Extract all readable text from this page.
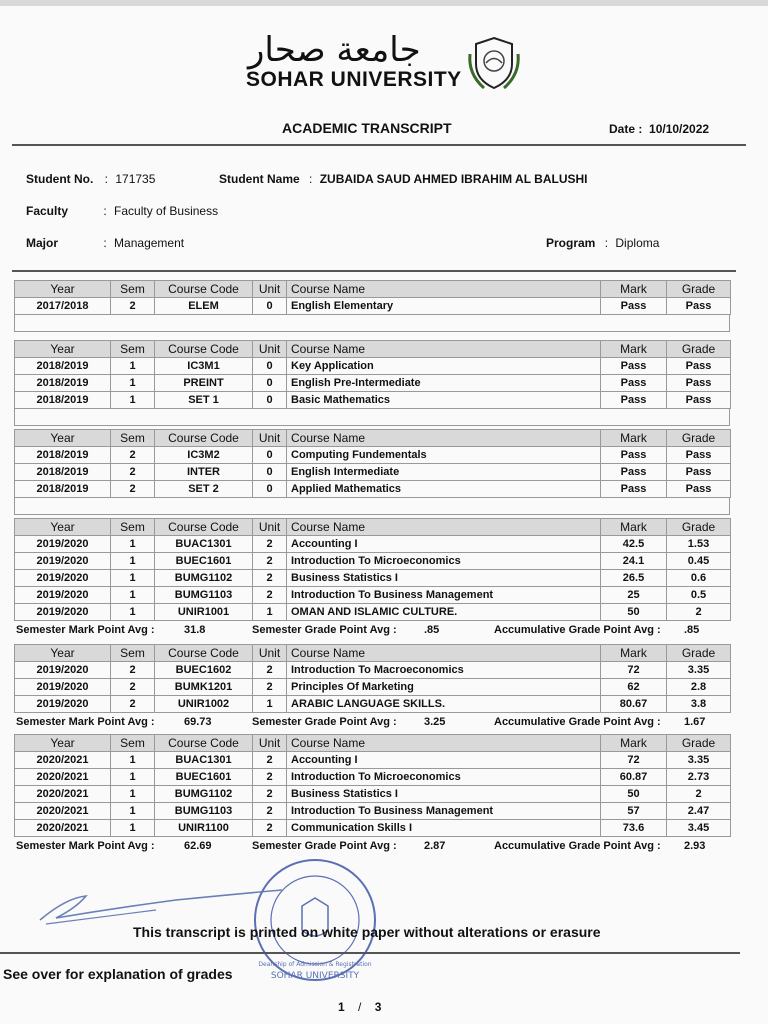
جامعة صحار
SOHAR UNIVERSITY
ACADEMIC TRANSCRIPT	Date : 10/10/2022
Student No. : 171735	Student Name : ZUBAIDA SAUD AHMED IBRAHIM AL BALUSHI
Faculty	: Faculty of Business
Major	: Management	Program : Diploma
Year	Sem	Course Code	Unit	Course Name	Mark	Grade
2017/2018	2	ELEM	0	English Elementary	Pass	Pass
Year	Sem	Course Code	Unit	Course Name	Mark	Grade
2018/2019	1	IC3M1	0	Key Application	Pass	Pass
2018/2019	1	PREINT	0	English Pre-Intermediate	Pass	Pass
2018/2019	1	SET 1	0	Basic Mathematics	Pass	Pass
Year	Sem	Course Code	Unit	Course Name	Mark	Grade
2018/2019	2	IC3M2	0	Computing Fundementals	Pass	Pass
2018/2019	2	INTER	0	English Intermediate	Pass	Pass
2018/2019	2	SET 2	0	Applied Mathematics	Pass	Pass
Year	Sem	Course Code	Unit	Course Name	Mark	Grade
2019/2020	1	BUAC1301	2	Accounting I	42.5	1.53
2019/2020	1	BUEC1601	2	Introduction To Microeconomics	24.1	0.45
2019/2020	1	BUMG1102	2	Business Statistics I	26.5	0.6
2019/2020	1	BUMG1103	2	Introduction To Business Management	25	0.5
2019/2020	1	UNIR1001	1	OMAN AND ISLAMIC CULTURE.	50	2
Semester Mark Point Avg :	31.8	Semester Grade Point Avg : .85	Accumulative Grade Point Avg : .85
Year	Sem	Course Code	Unit	Course Name	Mark	Grade
2019/2020	2	BUEC1602	2	Introduction To Macroeconomics	72	3.35
2019/2020	2	BUMK1201	2	Principles Of Marketing	62	2.8
2019/2020	2	UNIR1002	1	ARABIC LANGUAGE SKILLS.	80.67	3.8
Semester Mark Point Avg :	69.73	Semester Grade Point Avg : 3.25	Accumulative Grade Point Avg : 1.67
Year	Sem	Course Code	Unit	Course Name	Mark	Grade
2020/2021	1	BUAC1301	2	Accounting I	72	3.35
2020/2021	1	BUEC1601	2	Introduction To Microeconomics	60.87	2.73
2020/2021	1	BUMG1102	2	Business Statistics I	50	2
2020/2021	1	BUMG1103	2	Introduction To Business Management	57	2.47
2020/2021	1	UNIR1100	2	Communication Skills I	73.6	3.45
Semester Mark Point Avg :	62.69	Semester Grade Point Avg : 2.87	Accumulative Grade Point Avg : 2.93
SOHAR UNIVERSITY
Deanship of Admission & Registration
This transcript is printed on white paper without alterations or erasure
See over for explanation of grades
1 / 3
